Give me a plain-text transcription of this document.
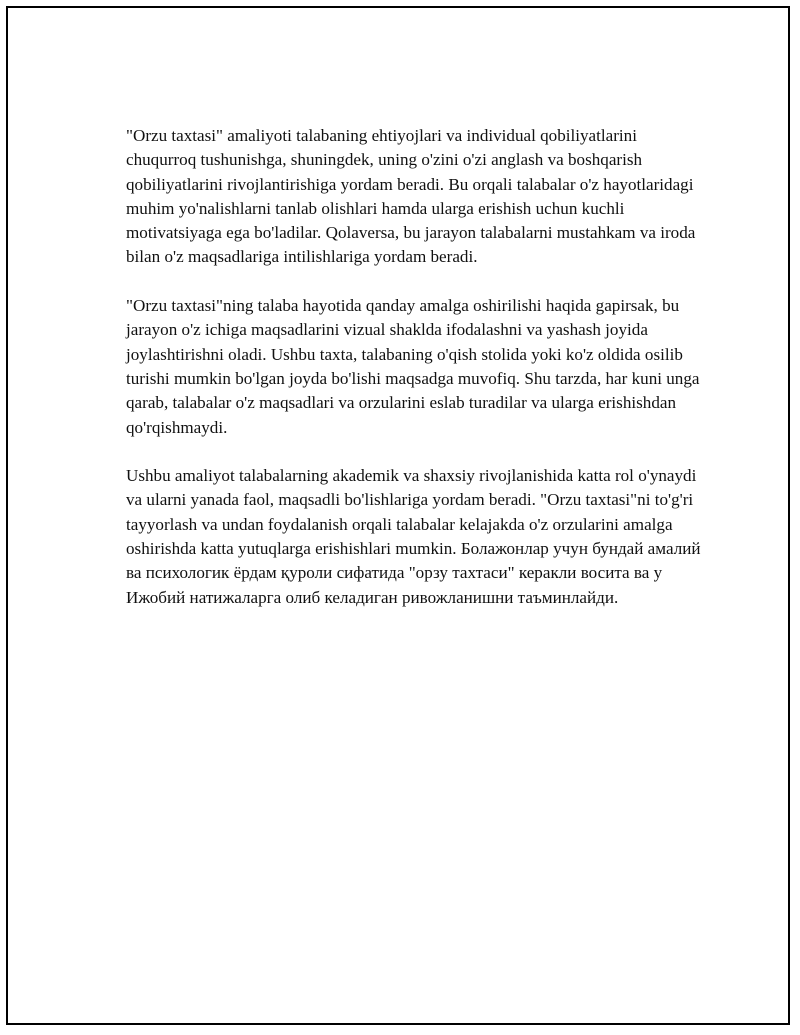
"Orzu taxtasi" amaliyoti talabaning ehtiyojlari va individual qobiliyatlarini chuqurroq tushunishga, shuningdek, uning o'zini o'zi anglash va boshqarish qobiliyatlarini rivojlantirishiga yordam beradi. Bu orqali talabalar o'z hayotlaridagi muhim yo'nalishlarni tanlab olishlari hamda ularga erishish uchun kuchli motivatsiyaga ega bo'ladilar. Qolaversa, bu jarayon talabalarni mustahkam va iroda bilan o'z maqsadlariga intilishlariga yordam beradi.

"Orzu taxtasi"ning talaba hayotida qanday amalga oshirilishi haqida gapirsak, bu jarayon o'z ichiga maqsadlarini vizual shaklda ifodalashni va yashash joyida joylashtirishni oladi. Ushbu taxta, talabaning o'qish stolida yoki ko'z oldida osilib turishi mumkin bo'lgan joyda bo'lishi maqsadga muvofiq. Shu tarzda, har kuni unga qarab, talabalar o'z maqsadlari va orzularini eslab turadilar va ularga erishishdan qo'rqishmaydi.

Ushbu amaliyot talabalarning akademik va shaxsiy rivojlanishida katta rol o'ynaydi va ularni yanada faol, maqsadli bo'lishlariga yordam beradi. "Orzu taxtasi"ni to'g'ri tayyorlash va undan foydalanish orqali talabalar kelajakda o'z orzularini amalga oshirishda katta yutuqlarga erishishlari mumkin. Болажонлар учун бундай амалий ва психологик ёрдам қуроли сифатида "орзу тахтаси" керакли восита ва у Ижобий натижаларга олиб келадиган ривожланишни таъминлайди.
